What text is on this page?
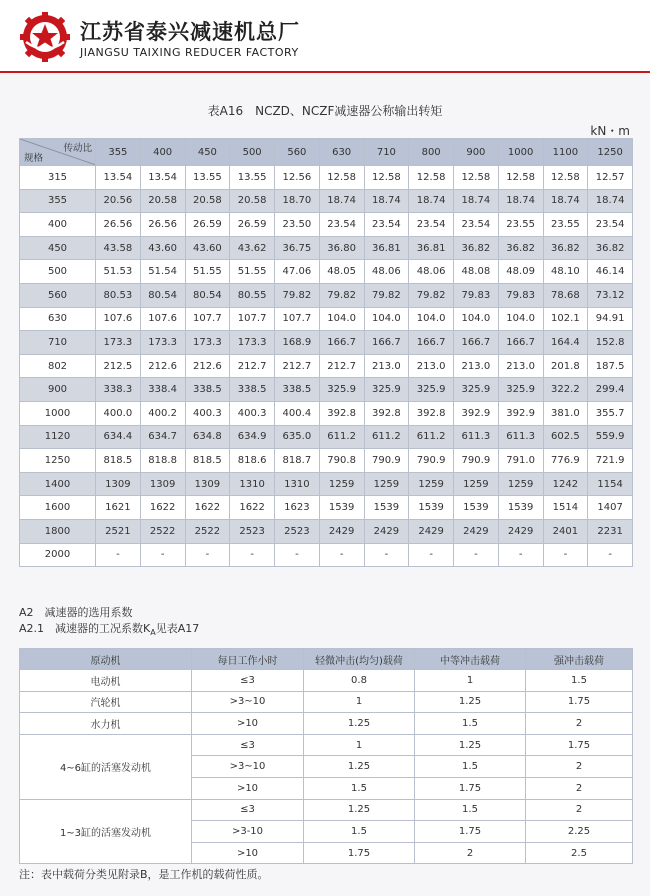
江苏省泰兴减速机总厂
JIANGSU TAIXING REDUCER FACTORY
表A16　NCZD、NCZF减速器公称输出转矩
kN・m
传动比
规格	355	400	450	500	560	630	710	800	900	1000	1100	1250
315	13.54	13.54	13.55	13.55	12.56	12.58	12.58	12.58	12.58	12.58	12.58	12.57
355	20.56	20.58	20.58	20.58	18.70	18.74	18.74	18.74	18.74	18.74	18.74	18.74
400	26.56	26.56	26.59	26.59	23.50	23.54	23.54	23.54	23.54	23.55	23.55	23.54
450	43.58	43.60	43.60	43.62	36.75	36.80	36.81	36.81	36.82	36.82	36.82	36.82
500	51.53	51.54	51.55	51.55	47.06	48.05	48.06	48.06	48.08	48.09	48.10	46.14
560	80.53	80.54	80.54	80.55	79.82	79.82	79.82	79.82	79.83	79.83	78.68	73.12
630	107.6	107.6	107.7	107.7	107.7	104.0	104.0	104.0	104.0	104.0	102.1	94.91
710	173.3	173.3	173.3	173.3	168.9	166.7	166.7	166.7	166.7	166.7	164.4	152.8
802	212.5	212.6	212.6	212.7	212.7	212.7	213.0	213.0	213.0	213.0	201.8	187.5
900	338.3	338.4	338.5	338.5	338.5	325.9	325.9	325.9	325.9	325.9	322.2	299.4
1000	400.0	400.2	400.3	400.3	400.4	392.8	392.8	392.8	392.9	392.9	381.0	355.7
1120	634.4	634.7	634.8	634.9	635.0	611.2	611.2	611.2	611.3	611.3	602.5	559.9
1250	818.5	818.8	818.5	818.6	818.7	790.8	790.9	790.9	790.9	791.0	776.9	721.9
1400	1309	1309	1309	1310	1310	1259	1259	1259	1259	1259	1242	1154
1600	1621	1622	1622	1622	1623	1539	1539	1539	1539	1539	1514	1407
1800	2521	2522	2522	2523	2523	2429	2429	2429	2429	2429	2401	2231
2000	-	-	-	-	-	-	-	-	-	-	-	-
A2　减速器的选用系数
A2.1　减速器的工况系数$K_A$见表A17
原动机	每日工作小时	轻微冲击(均匀)载荷	中等冲击载荷	强冲击载荷
电动机	≤3	0.8	1	1.5
汽轮机	>3~10	1	1.25	1.75
水力机	>10	1.25	1.5	2
4~6缸的活塞发动机	≤3	1	1.25	1.75
	>3~10	1.25	1.5	2
	>10	1.5	1.75	2
1~3缸的活塞发动机	≤3	1.25	1.5	2
	>3-10	1.5	1.75	2.25
	>10	1.75	2	2.5
注：表中载荷分类见附录B，是工作机的载荷性质。
